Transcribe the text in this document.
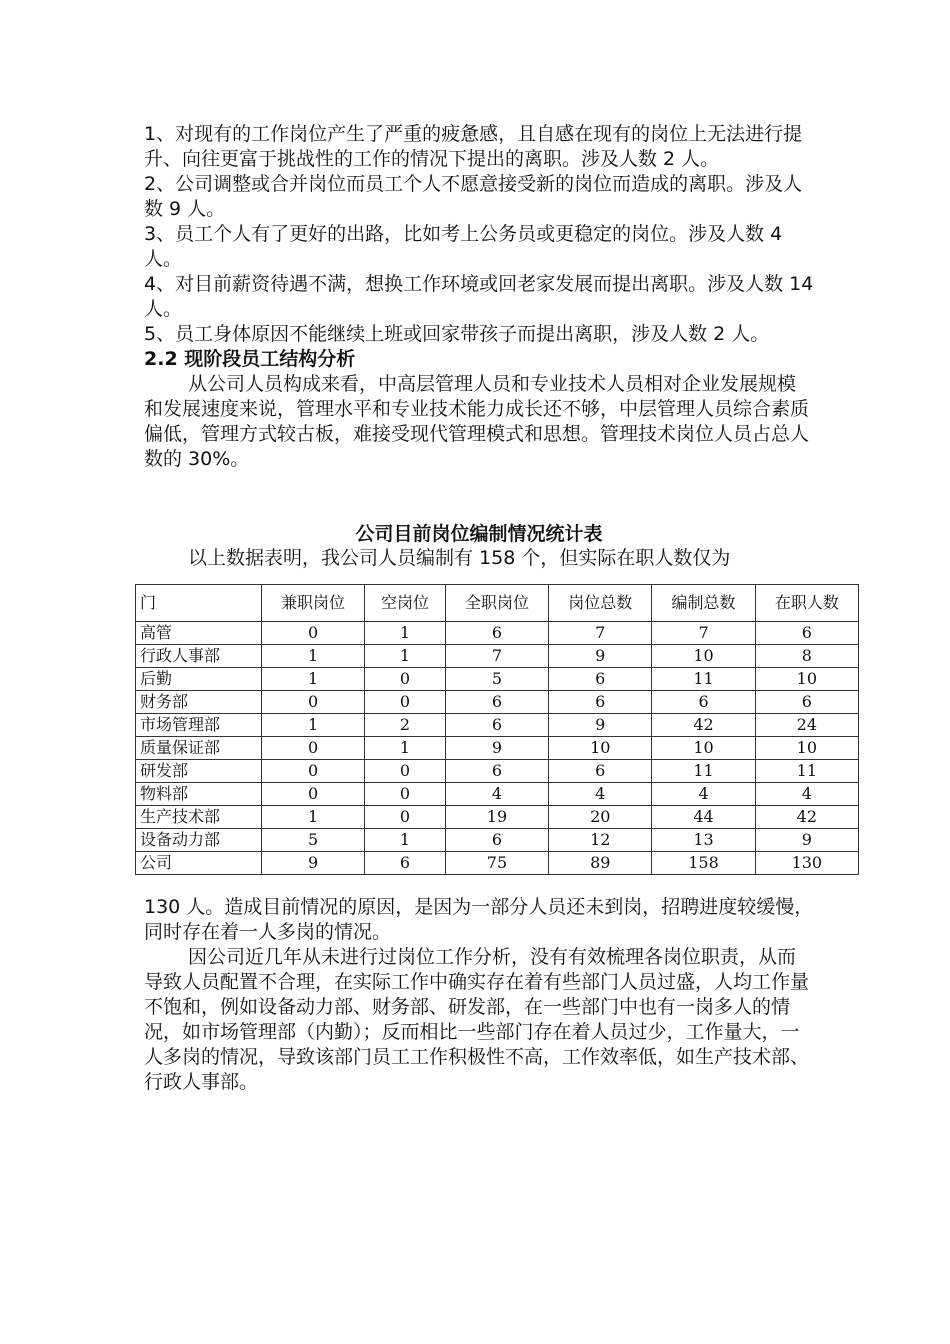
1、对现有的工作岗位产生了严重的疲惫感，且自感在现有的岗位上无法进行提升、向往更富于挑战性的工作的情况下提出的离职。涉及人数 2 人。

2、公司调整或合并岗位而员工个人不愿意接受新的岗位而造成的离职。涉及人数 9 人。

3、员工个人有了更好的出路，比如考上公务员或更稳定的岗位。涉及人数 4 人。

4、对目前薪资待遇不满，想换工作环境或回老家发展而提出离职。涉及人数 14 人。

5、员工身体原因不能继续上班或回家带孩子而提出离职，涉及人数 2 人。

2.2 现阶段员工结构分析

从公司人员构成来看，中高层管理人员和专业技术人员相对企业发展规模和发展速度来说，管理水平和专业技术能力成长还不够，中层管理人员综合素质偏低，管理方式较古板，难接受现代管理模式和思想。管理技术岗位人员占总人数的 30%。

公司目前岗位编制情况统计表

以上数据表明，我公司人员编制有 158 个，但实际在职人数仅为

门	兼职岗位	空岗位	全职岗位	岗位总数	编制总数	在职人数
高管	0	1	6	7	7	6
行政人事部	1	1	7	9	10	8
后勤	1	0	5	6	11	10
财务部	0	0	6	6	6	6
市场管理部	1	2	6	9	42	24
质量保证部	0	1	9	10	10	10
研发部	0	0	6	6	11	11
物料部	0	0	4	4	4	4
生产技术部	1	0	19	20	44	42
设备动力部	5	1	6	12	13	9
公司	9	6	75	89	158	130

130 人。造成目前情况的原因，是因为一部分人员还未到岗，招聘进度较缓慢，同时存在着一人多岗的情况。

因公司近几年从未进行过岗位工作分析，没有有效梳理各岗位职责，从而导致人员配置不合理，在实际工作中确实存在着有些部门人员过盛，人均工作量不饱和，例如设备动力部、财务部、研发部，在一些部门中也有一岗多人的情况，如市场管理部（内勤）；反而相比一些部门存在着人员过少，工作量大，一人多岗的情况，导致该部门员工工作积极性不高，工作效率低，如生产技术部、行政人事部。
